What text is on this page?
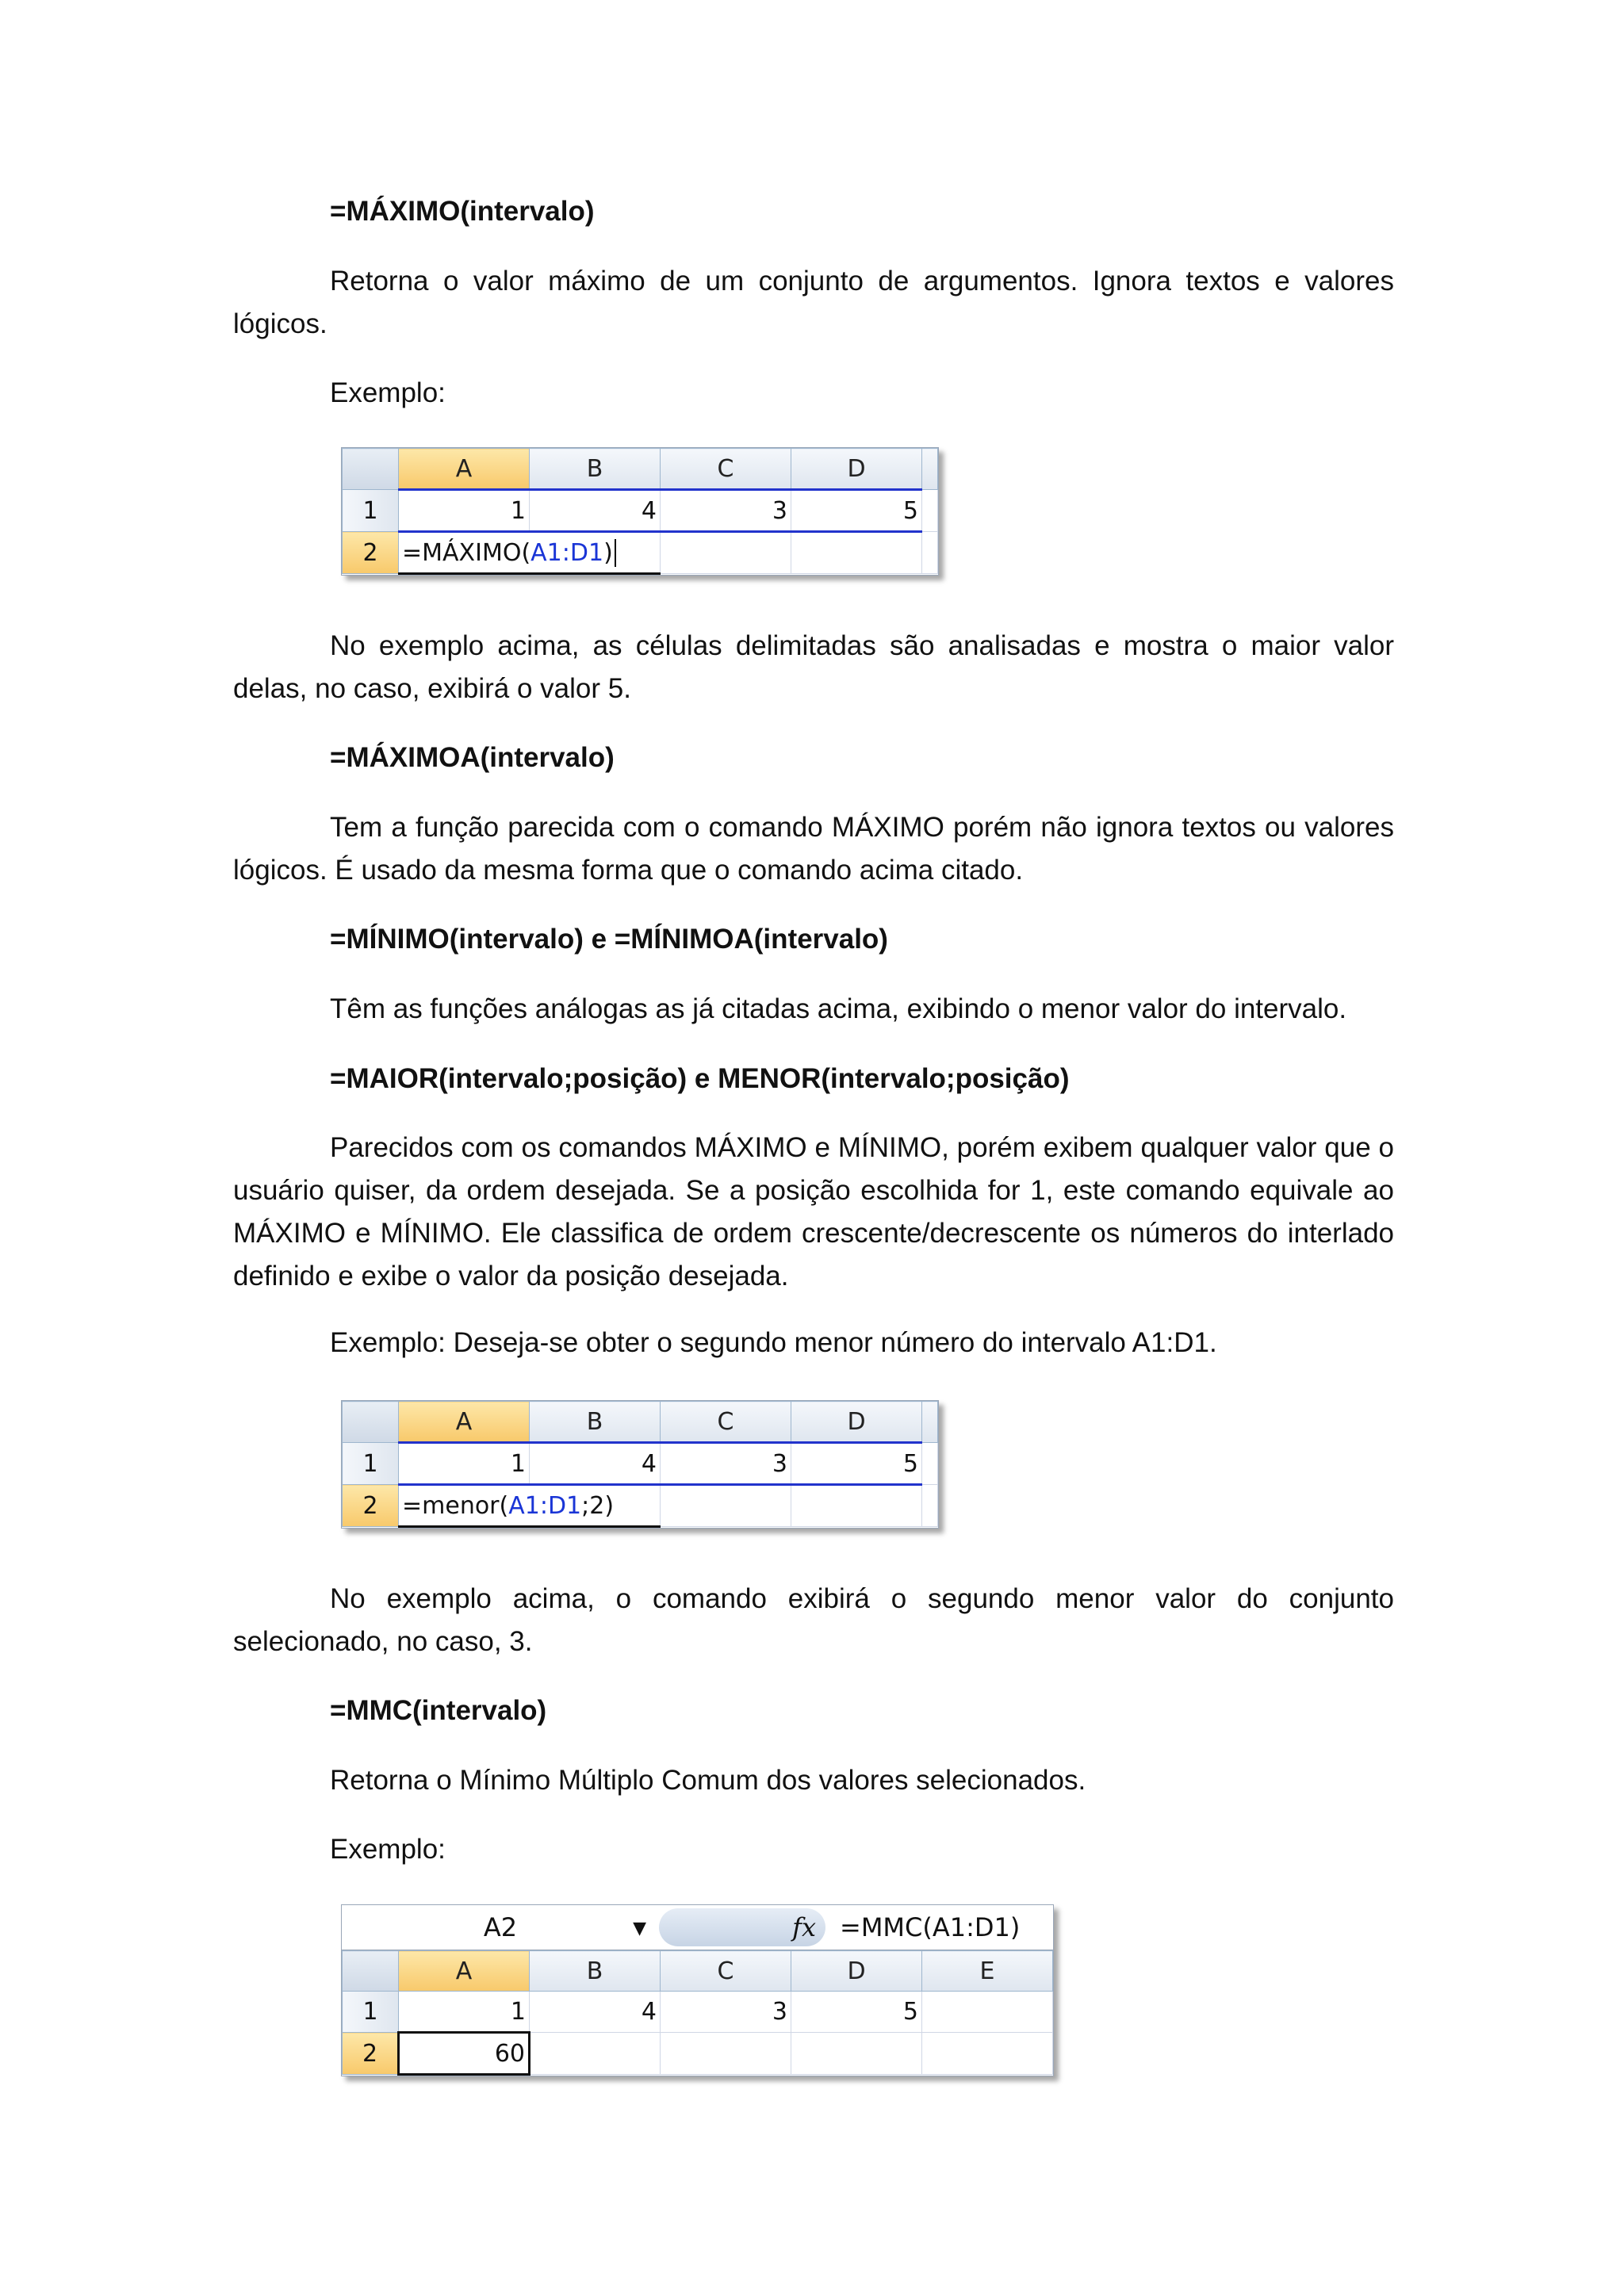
=MÁXIMO(intervalo)

Retorna o valor máximo de um conjunto de argumentos. Ignora textos e valores lógicos.

Exemplo:

	A	B	C	D	
1	1	4	3	5	
2	=MÁXIMO(A1:D1)				

No exemplo acima, as células delimitadas são analisadas e mostra o maior valor delas, no caso, exibirá o valor 5.

=MÁXIMOA(intervalo)

Tem a função parecida com o comando MÁXIMO porém não ignora textos ou valores lógicos. É usado da mesma forma que o comando acima citado.

=MÍNIMO(intervalo) e =MÍNIMOA(intervalo)

Têm as funções análogas as já citadas acima, exibindo o menor valor do intervalo.

=MAIOR(intervalo;posição) e MENOR(intervalo;posição)

Parecidos com os comandos MÁXIMO e MÍNIMO, porém exibem qualquer valor que o usuário quiser, da ordem desejada. Se a posição escolhida for 1, este comando equivale ao MÁXIMO e MÍNIMO. Ele classifica de ordem crescente/decrescente os números do interlado definido e exibe o valor da posição desejada.

Exemplo: Deseja-se obter o segundo menor número do intervalo A1:D1.

	A	B	C	D	
1	1	4	3	5	
2	=menor(A1:D1;2)				

No exemplo acima, o comando exibirá o segundo menor valor do conjunto selecionado, no caso, 3.

=MMC(intervalo)

Retorna o Mínimo Múltiplo Comum dos valores selecionados.

Exemplo:

A2	▼	fx =MMC(A1:D1)
	A	B	C	D	E
1	1	4	3	5	
2	60				
